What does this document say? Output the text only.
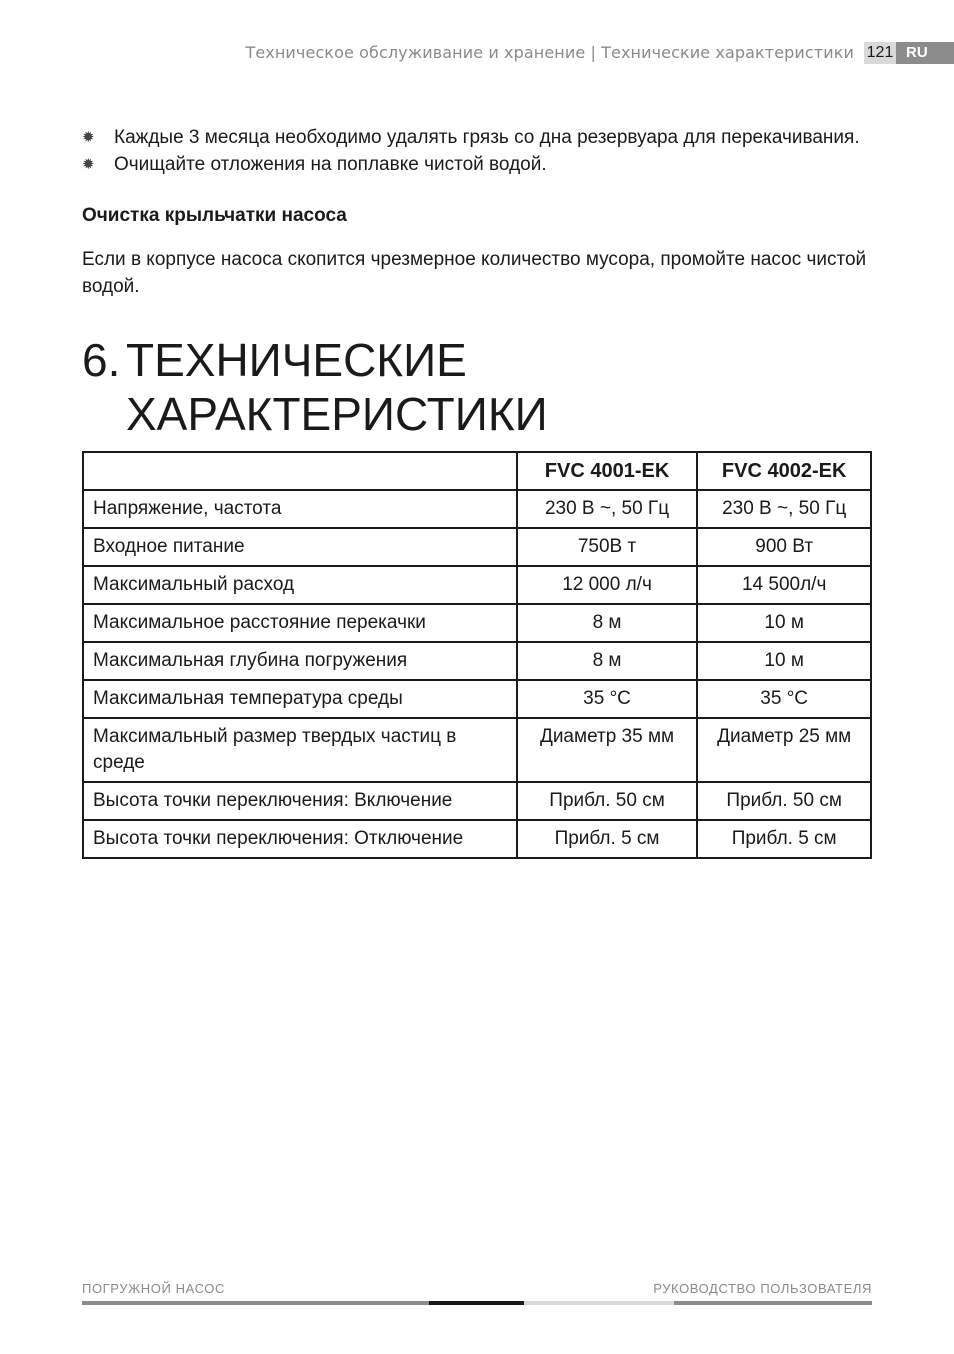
Техническое обслуживание и хранение | Технические характеристики 121 RU
✹ Каждые 3 месяца необходимо удалять грязь со дна резервуара для перекачивания.
✹ Очищайте отложения на поплавке чистой водой.
Очистка крыльчатки насоса

Если в корпусе насоса скопится чрезмерное количество мусора, промойте насос чистой водой.

6. ТЕХНИЧЕСКИЕ
ХАРАКТЕРИСТИКИ
	FVC 4001-EK	FVC 4002-EK
Напряжение, частота	230 В ~, 50 Гц	230 В ~, 50 Гц
Входное питание	750В т	900 Вт
Максимальный расход	12 000 л/ч	14 500л/ч
Максимальное расстояние перекачки	8 м	10 м
Максимальная глубина погружения	8 м	10 м
Максимальная температура среды	35 °C	35 °C
Максимальный размер твердых частиц в среде	Диаметр 35 мм	Диаметр 25 мм
Высота точки переключения: Включение	Прибл. 50 см	Прибл. 50 см
Высота точки переключения: Отключение	Прибл. 5 см	Прибл. 5 см
ПОГРУЖНОЙ НАСОС	РУКОВОДСТВО ПОЛЬЗОВАТЕЛЯ
